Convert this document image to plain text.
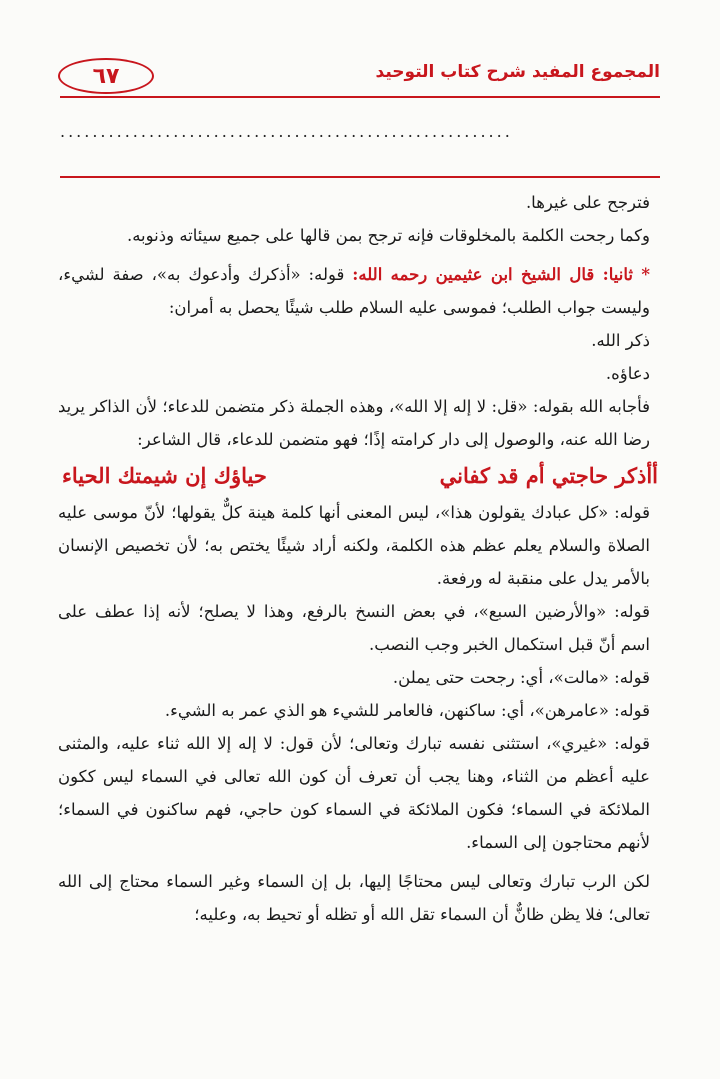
٦٧	المجموع المفيد شرح كتاب التوحيد
........................................................

فترجح على غيرها.

وكما رجحت الكلمة بالمخلوقات فإنه ترجح بمن قالها على جميع سيئاته وذنوبه.

* ثانيا: قال الشيخ ابن عثيمين رحمه الله: قوله: «أذكرك وأدعوك به»، صفة لشيء، وليست جواب الطلب؛ فموسى عليه السلام طلب شيئًا يحصل به أمران:

ذكر الله.

دعاؤه.

فأجابه الله بقوله: «قل: لا إله إلا الله»، وهذه الجملة ذكر متضمن للدعاء؛ لأن الذاكر يريد رضا الله عنه، والوصول إلى دار كرامته إذًا؛ فهو متضمن للدعاء، قال الشاعر:

أأذكر حاجتي أم قد كفاني
حياؤك إن شيمتك الحياء

قوله: «كل عبادك يقولون هذا»، ليس المعنى أنها كلمة هينة كلٌّ يقولها؛ لأنّ موسى عليه الصلاة والسلام يعلم عظم هذه الكلمة، ولكنه أراد شيئًا يختص به؛ لأن تخصيص الإنسان بالأمر يدل على منقبة له ورفعة.

قوله: «والأرضين السبع»، في بعض النسخ بالرفع، وهذا لا يصلح؛ لأنه إذا عطف على اسم أنّ قبل استكمال الخبر وجب النصب.

قوله: «مالت»، أي: رجحت حتى يملن.

قوله: «عامرهن»، أي: ساكنهن، فالعامر للشيء هو الذي عمر به الشيء.

قوله: «غيري»، استثنى نفسه تبارك وتعالى؛ لأن قول: لا إله إلا الله ثناء عليه، والمثنى عليه أعظم من الثناء، وهنا يجب أن تعرف أن كون الله تعالى في السماء ليس ككون الملائكة في السماء؛ فكون الملائكة في السماء كون حاجي، فهم ساكنون في السماء؛ لأنهم محتاجون إلى السماء.

لكن الرب تبارك وتعالى ليس محتاجًا إليها، بل إن السماء وغير السماء محتاج إلى الله تعالى؛ فلا يظن ظانٌّ أن السماء تقل الله أو تظله أو تحيط به، وعليه؛
